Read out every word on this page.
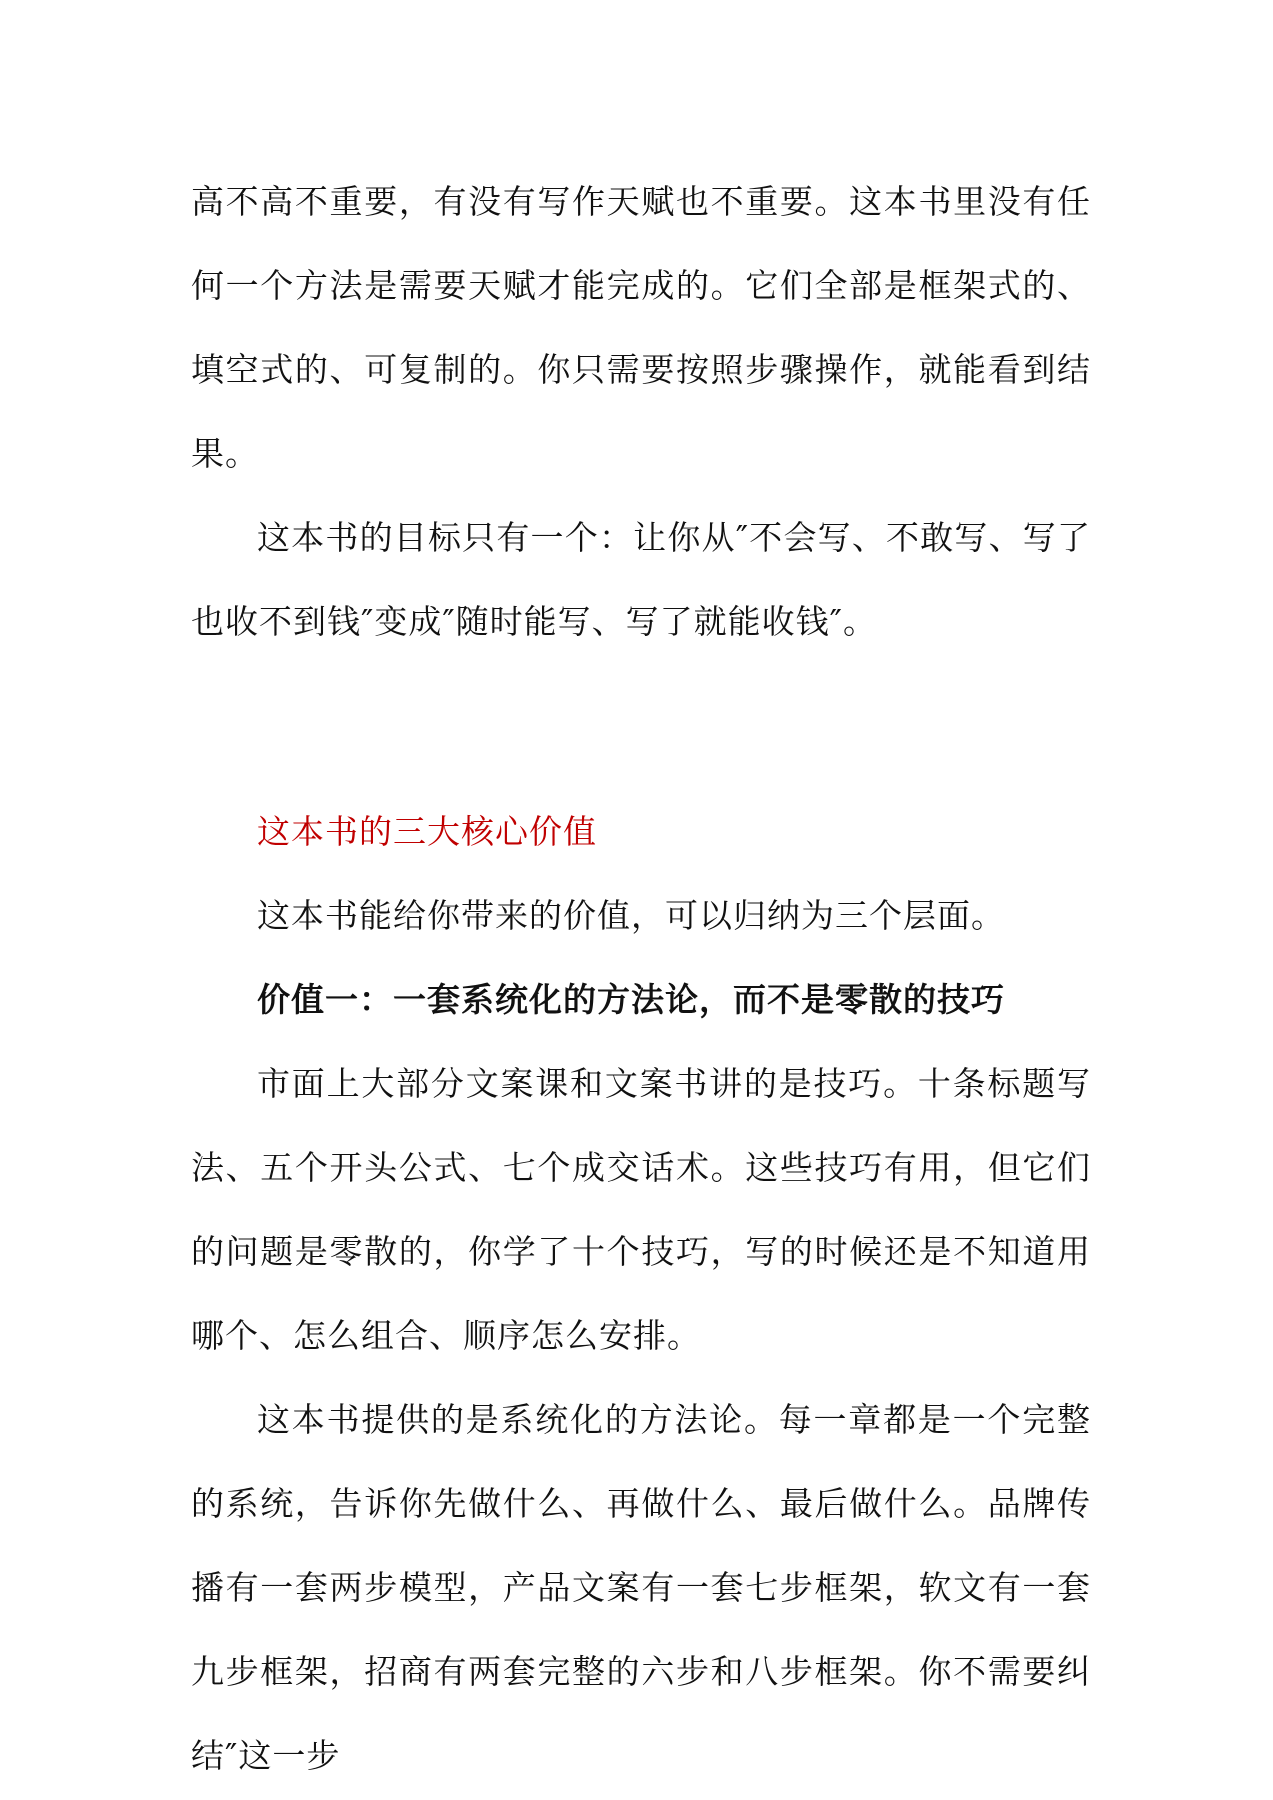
高不高不重要，有没有写作天赋也不重要。这本书里没有任何一个方法是需要天赋才能完成的。它们全部是框架式的、填空式的、可复制的。你只需要按照步骤操作，就能看到结果。

这本书的目标只有一个：让你从″不会写、不敢写、写了也收不到钱″变成″随时能写、写了就能收钱″。

这本书的三大核心价值

这本书能给你带来的价值，可以归纳为三个层面。

价值一：一套系统化的方法论，而不是零散的技巧

市面上大部分文案课和文案书讲的是技巧。十条标题写法、五个开头公式、七个成交话术。这些技巧有用，但它们的问题是零散的，你学了十个技巧，写的时候还是不知道用哪个、怎么组合、顺序怎么安排。

这本书提供的是系统化的方法论。每一章都是一个完整的系统，告诉你先做什么、再做什么、最后做什么。品牌传播有一套两步模型，产品文案有一套七步框架，软文有一套九步框架，招商有两套完整的六步和八步框架。你不需要纠结″这一步
